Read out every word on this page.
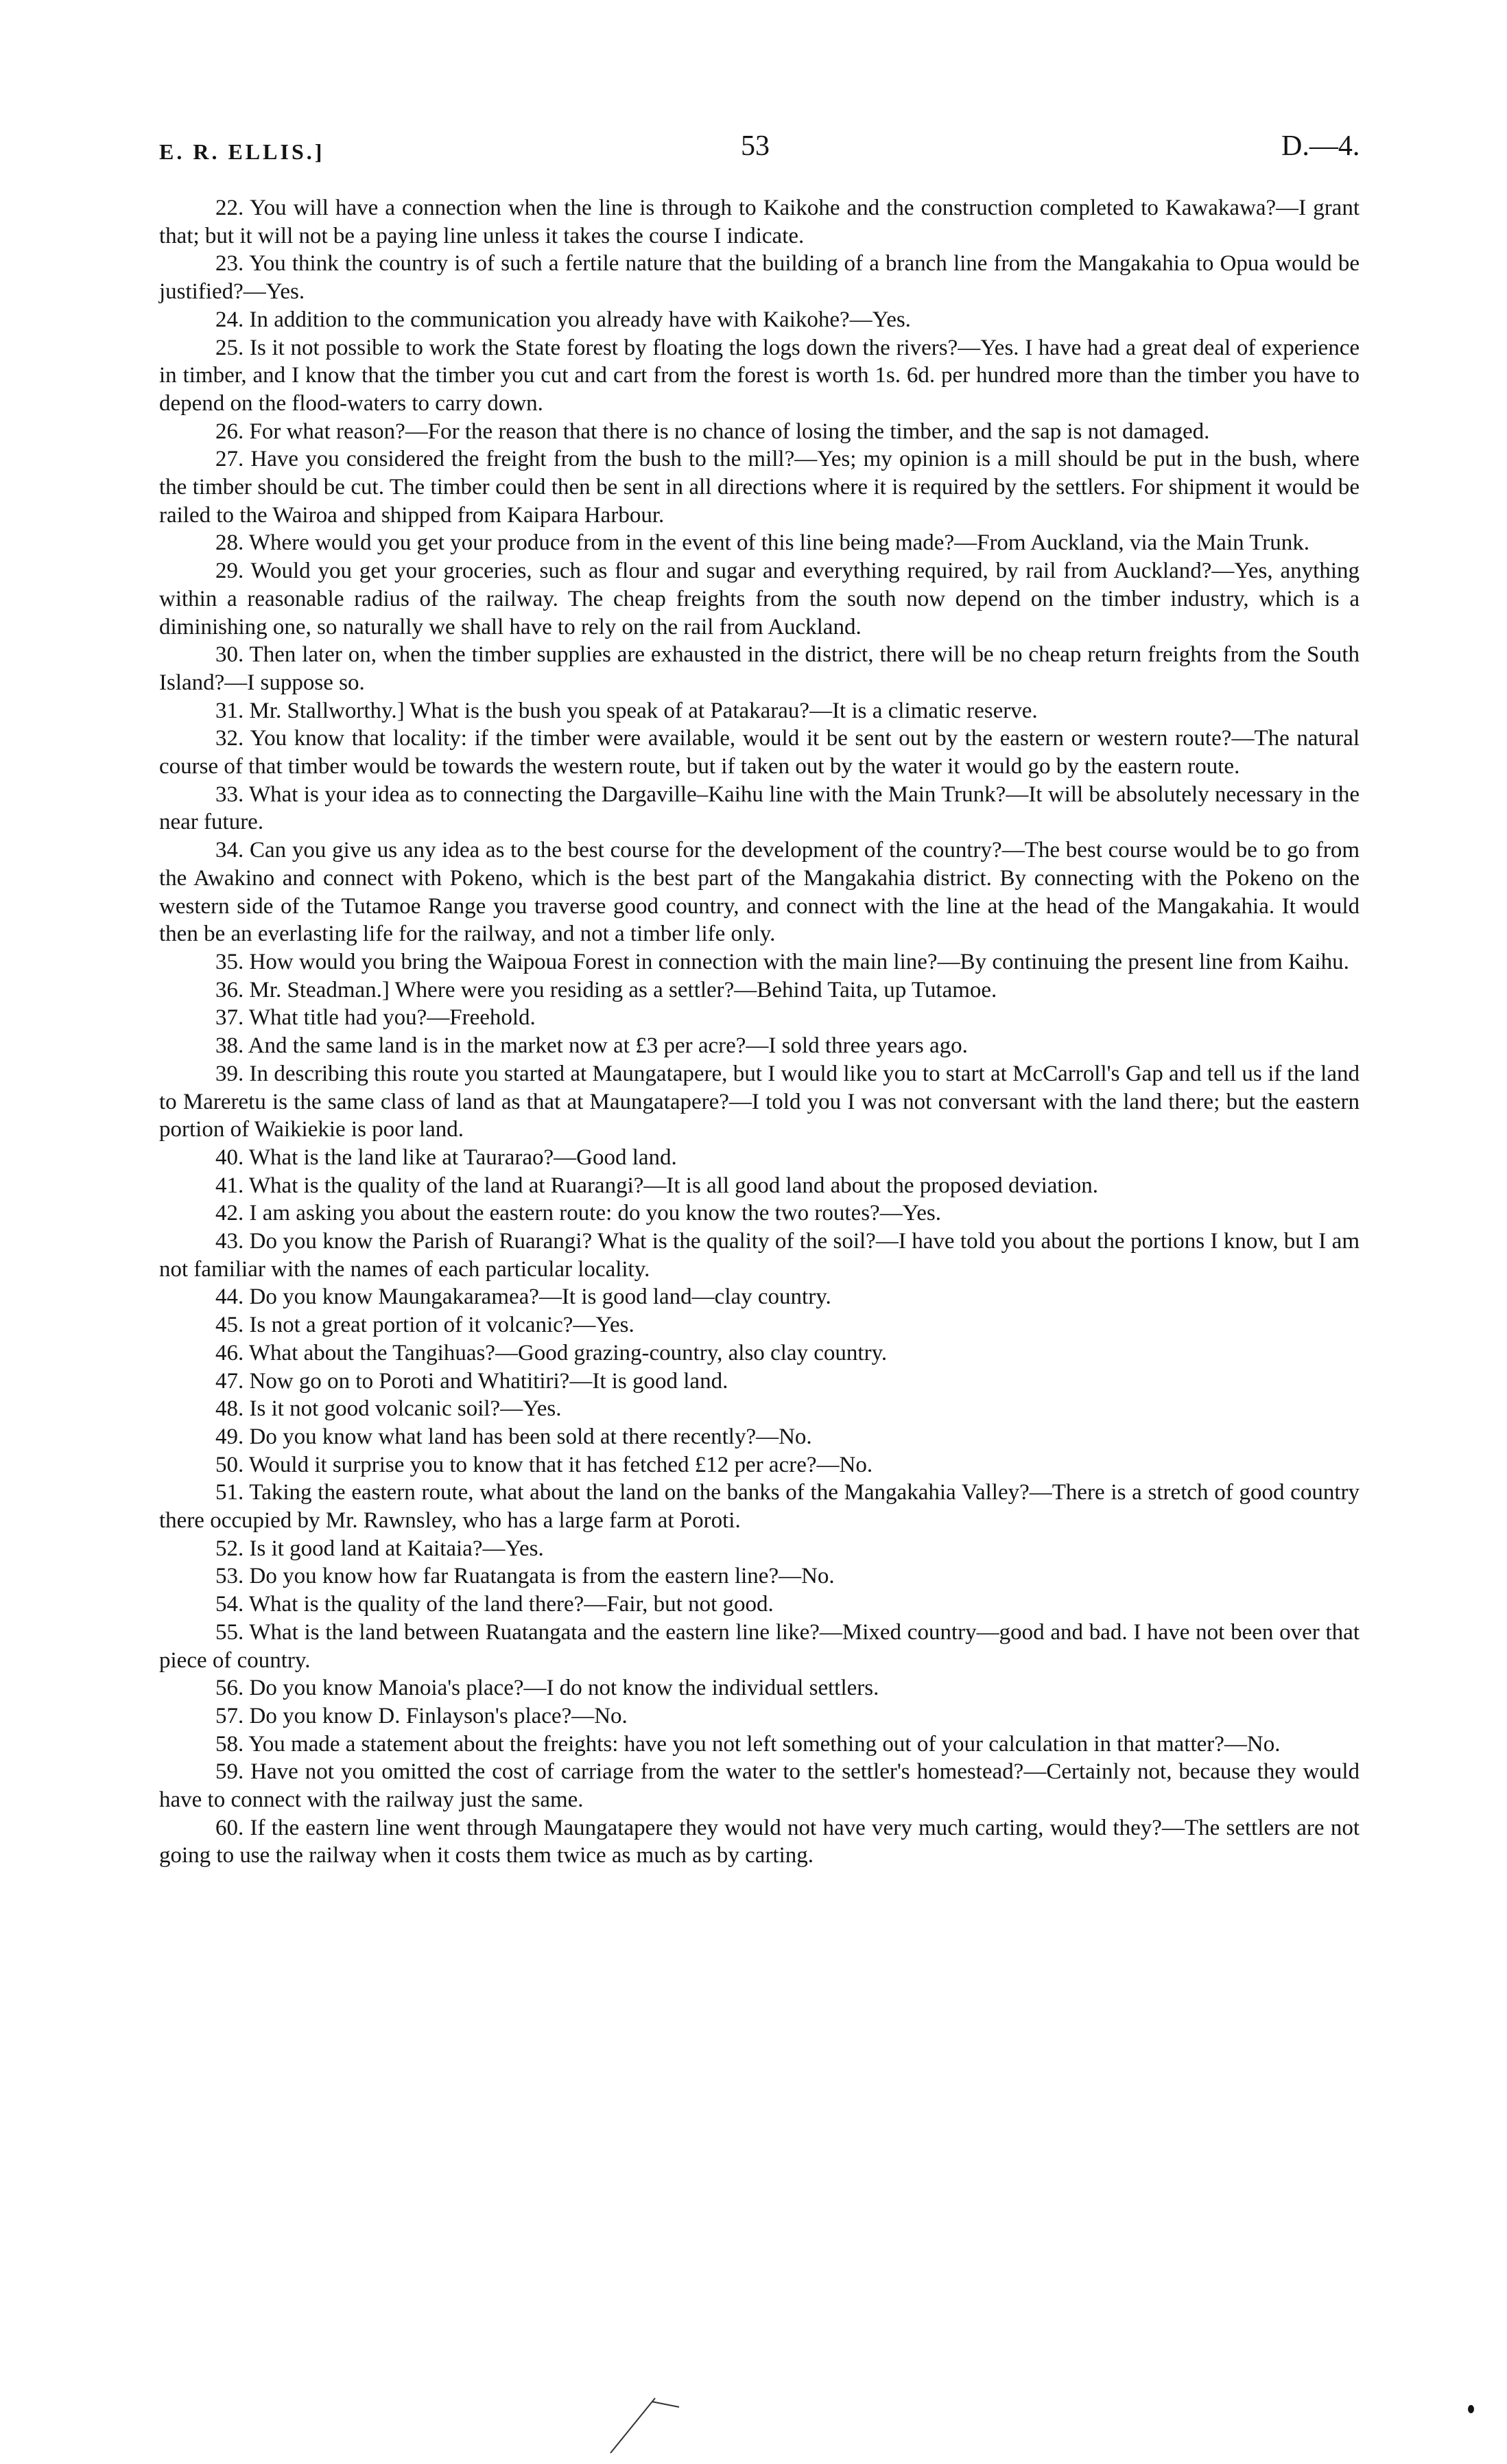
E. R. ELLIS.]	53	D.—4.

22. You will have a connection when the line is through to Kaikohe and the construction completed to Kawakawa?—I grant that; but it will not be a paying line unless it takes the course I indicate.

23. You think the country is of such a fertile nature that the building of a branch line from the Mangakahia to Opua would be justified?—Yes.

24. In addition to the communication you already have with Kaikohe?—Yes.

25. Is it not possible to work the State forest by floating the logs down the rivers?—Yes. I have had a great deal of experience in timber, and I know that the timber you cut and cart from the forest is worth 1s. 6d. per hundred more than the timber you have to depend on the flood-waters to carry down.

26. For what reason?—For the reason that there is no chance of losing the timber, and the sap is not damaged.

27. Have you considered the freight from the bush to the mill?—Yes; my opinion is a mill should be put in the bush, where the timber should be cut. The timber could then be sent in all directions where it is required by the settlers. For shipment it would be railed to the Wairoa and shipped from Kaipara Harbour.

28. Where would you get your produce from in the event of this line being made?—From Auckland, via the Main Trunk.

29. Would you get your groceries, such as flour and sugar and everything required, by rail from Auckland?—Yes, anything within a reasonable radius of the railway. The cheap freights from the south now depend on the timber industry, which is a diminishing one, so naturally we shall have to rely on the rail from Auckland.

30. Then later on, when the timber supplies are exhausted in the district, there will be no cheap return freights from the South Island?—I suppose so.

31. Mr. Stallworthy.] What is the bush you speak of at Patakarau?—It is a climatic reserve.

32. You know that locality: if the timber were available, would it be sent out by the eastern or western route?—The natural course of that timber would be towards the western route, but if taken out by the water it would go by the eastern route.

33. What is your idea as to connecting the Dargaville–Kaihu line with the Main Trunk?—It will be absolutely necessary in the near future.

34. Can you give us any idea as to the best course for the development of the country?—The best course would be to go from the Awakino and connect with Pokeno, which is the best part of the Mangakahia district. By connecting with the Pokeno on the western side of the Tutamoe Range you traverse good country, and connect with the line at the head of the Mangakahia. It would then be an everlasting life for the railway, and not a timber life only.

35. How would you bring the Waipoua Forest in connection with the main line?—By continuing the present line from Kaihu.

36. Mr. Steadman.] Where were you residing as a settler?—Behind Taita, up Tutamoe.

37. What title had you?—Freehold.

38. And the same land is in the market now at £3 per acre?—I sold three years ago.

39. In describing this route you started at Maungatapere, but I would like you to start at McCarroll's Gap and tell us if the land to Mareretu is the same class of land as that at Maungatapere?—I told you I was not conversant with the land there; but the eastern portion of Waikiekie is poor land.

40. What is the land like at Taurarao?—Good land.

41. What is the quality of the land at Ruarangi?—It is all good land about the proposed deviation.

42. I am asking you about the eastern route: do you know the two routes?—Yes.

43. Do you know the Parish of Ruarangi? What is the quality of the soil?—I have told you about the portions I know, but I am not familiar with the names of each particular locality.

44. Do you know Maungakaramea?—It is good land—clay country.

45. Is not a great portion of it volcanic?—Yes.

46. What about the Tangihuas?—Good grazing-country, also clay country.

47. Now go on to Poroti and Whatitiri?—It is good land.

48. Is it not good volcanic soil?—Yes.

49. Do you know what land has been sold at there recently?—No.

50. Would it surprise you to know that it has fetched £12 per acre?—No.

51. Taking the eastern route, what about the land on the banks of the Mangakahia Valley?—There is a stretch of good country there occupied by Mr. Rawnsley, who has a large farm at Poroti.

52. Is it good land at Kaitaia?—Yes.

53. Do you know how far Ruatangata is from the eastern line?—No.

54. What is the quality of the land there?—Fair, but not good.

55. What is the land between Ruatangata and the eastern line like?—Mixed country—good and bad. I have not been over that piece of country.

56. Do you know Manoia's place?—I do not know the individual settlers.

57. Do you know D. Finlayson's place?—No.

58. You made a statement about the freights: have you not left something out of your calculation in that matter?—No.

59. Have not you omitted the cost of carriage from the water to the settler's homestead?—Certainly not, because they would have to connect with the railway just the same.

60. If the eastern line went through Maungatapere they would not have very much carting, would they?—The settlers are not going to use the railway when it costs them twice as much as by carting.
